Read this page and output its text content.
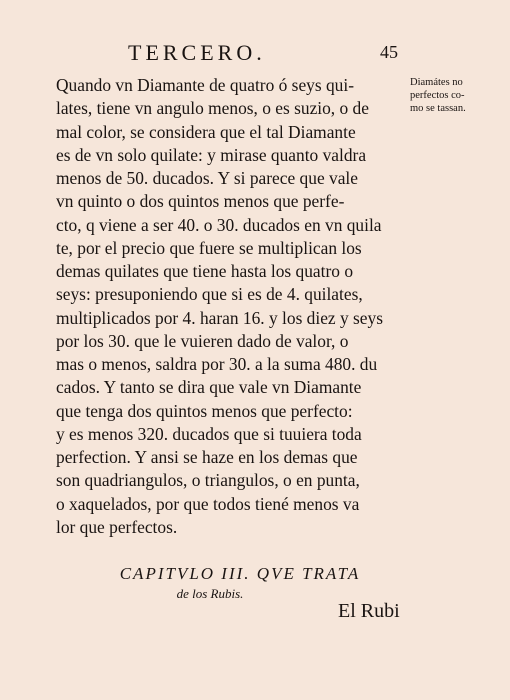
TERCERO.	45
Quando vn Diamante de quatro ó seys qui-
lates, tiene vn angulo menos, o es suzio, o de
mal color, se considera que el tal Diamante
es de vn solo quilate: y mirase quanto valdra
menos de 50. ducados. Y si parece que vale
vn quinto o dos quintos menos que perfe-
cto, q viene a ser 40. o 30. ducados en vn quila
te, por el precio que fuere se multiplican los
demas quilates que tiene hasta los quatro o
seys: presuponiendo que si es de 4. quilates,
multiplicados por 4. haran 16. y los diez y seys
por los 30. que le vuieren dado de valor, o
mas o menos, saldra por 30. a la suma 480. du
cados. Y tanto se dira que vale vn Diamante
que tenga dos quintos menos que perfecto:
y es menos 320. ducados que si tuuiera toda
perfection. Y ansi se haze en los demas que
son quadriangulos, o triangulos, o en punta,
o xaquelados, por que todos tiené menos va
lor que perfectos.
Diamátes no
perfectos co-
mo se tassan.
CAPITVLO III. QVE TRATA
de los Rubis.
El Rubi
